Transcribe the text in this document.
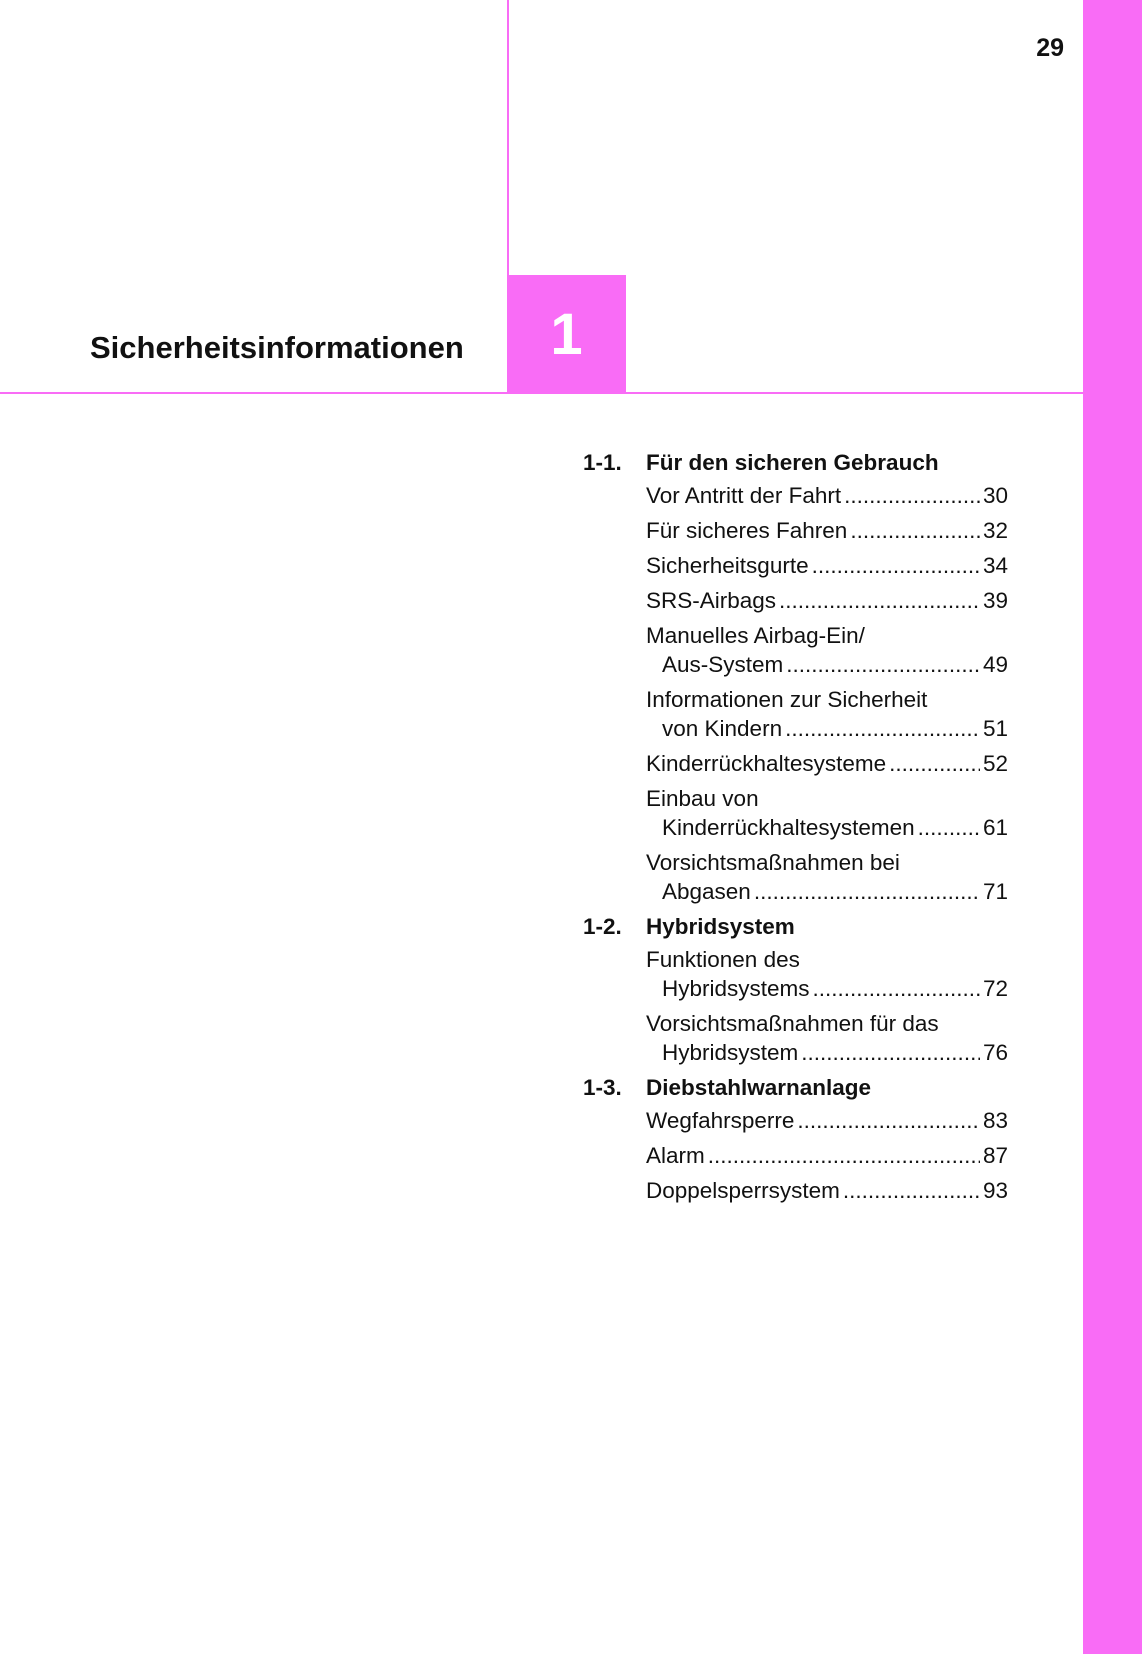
29
1
Sicherheitsinformationen
1-1.	Für den sicheren Gebrauch
Vor Antritt der Fahrt .....	30
Für sicheres Fahren .....	32
Sicherheitsgurte .....	34
SRS-Airbags .....	39
Manuelles Airbag-Ein/
Aus-System .....	49
Informationen zur Sicherheit
von Kindern .....	51
Kinderrückhaltesysteme .....	52
Einbau von
Kinderrückhaltesystemen .....	61
Vorsichtsmaßnahmen bei
Abgasen .....	71
1-2.	Hybridsystem
Funktionen des
Hybridsystems .....	72
Vorsichtsmaßnahmen für das
Hybridsystem .....	76
1-3.	Diebstahlwarnanlage
Wegfahrsperre .....	83
Alarm .....	87
Doppelsperrsystem .....	93
